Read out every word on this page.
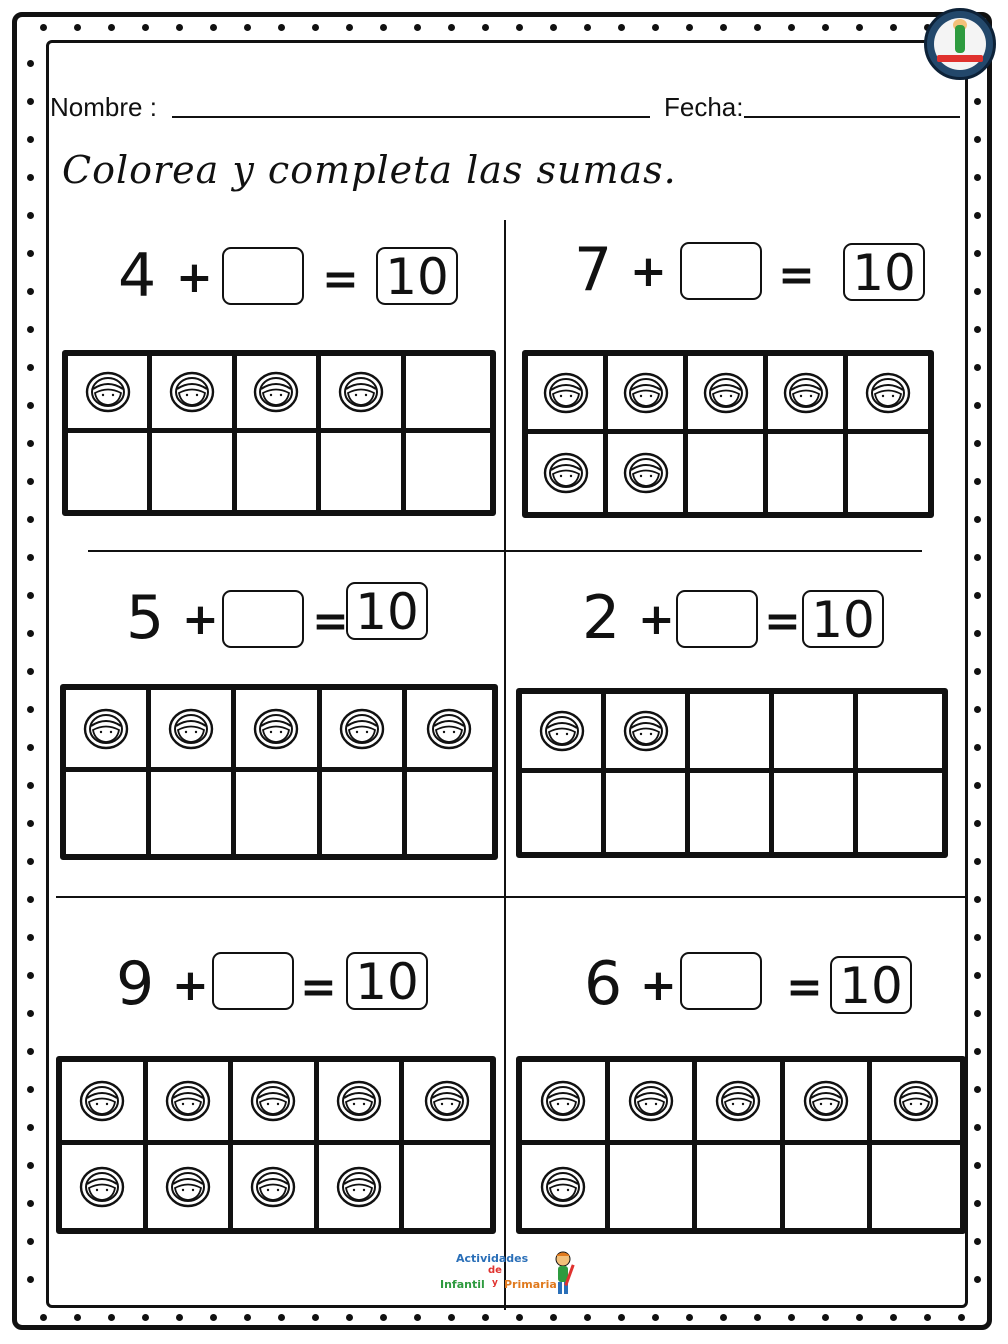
Nombre :	Fecha:
Colorea y completa las sumas.
4 + = 10 7 +	= 10
5 + = 10	2 + = 10
9 + = 10	6 + = 10
Actividades
de
Infantil y Primaria
